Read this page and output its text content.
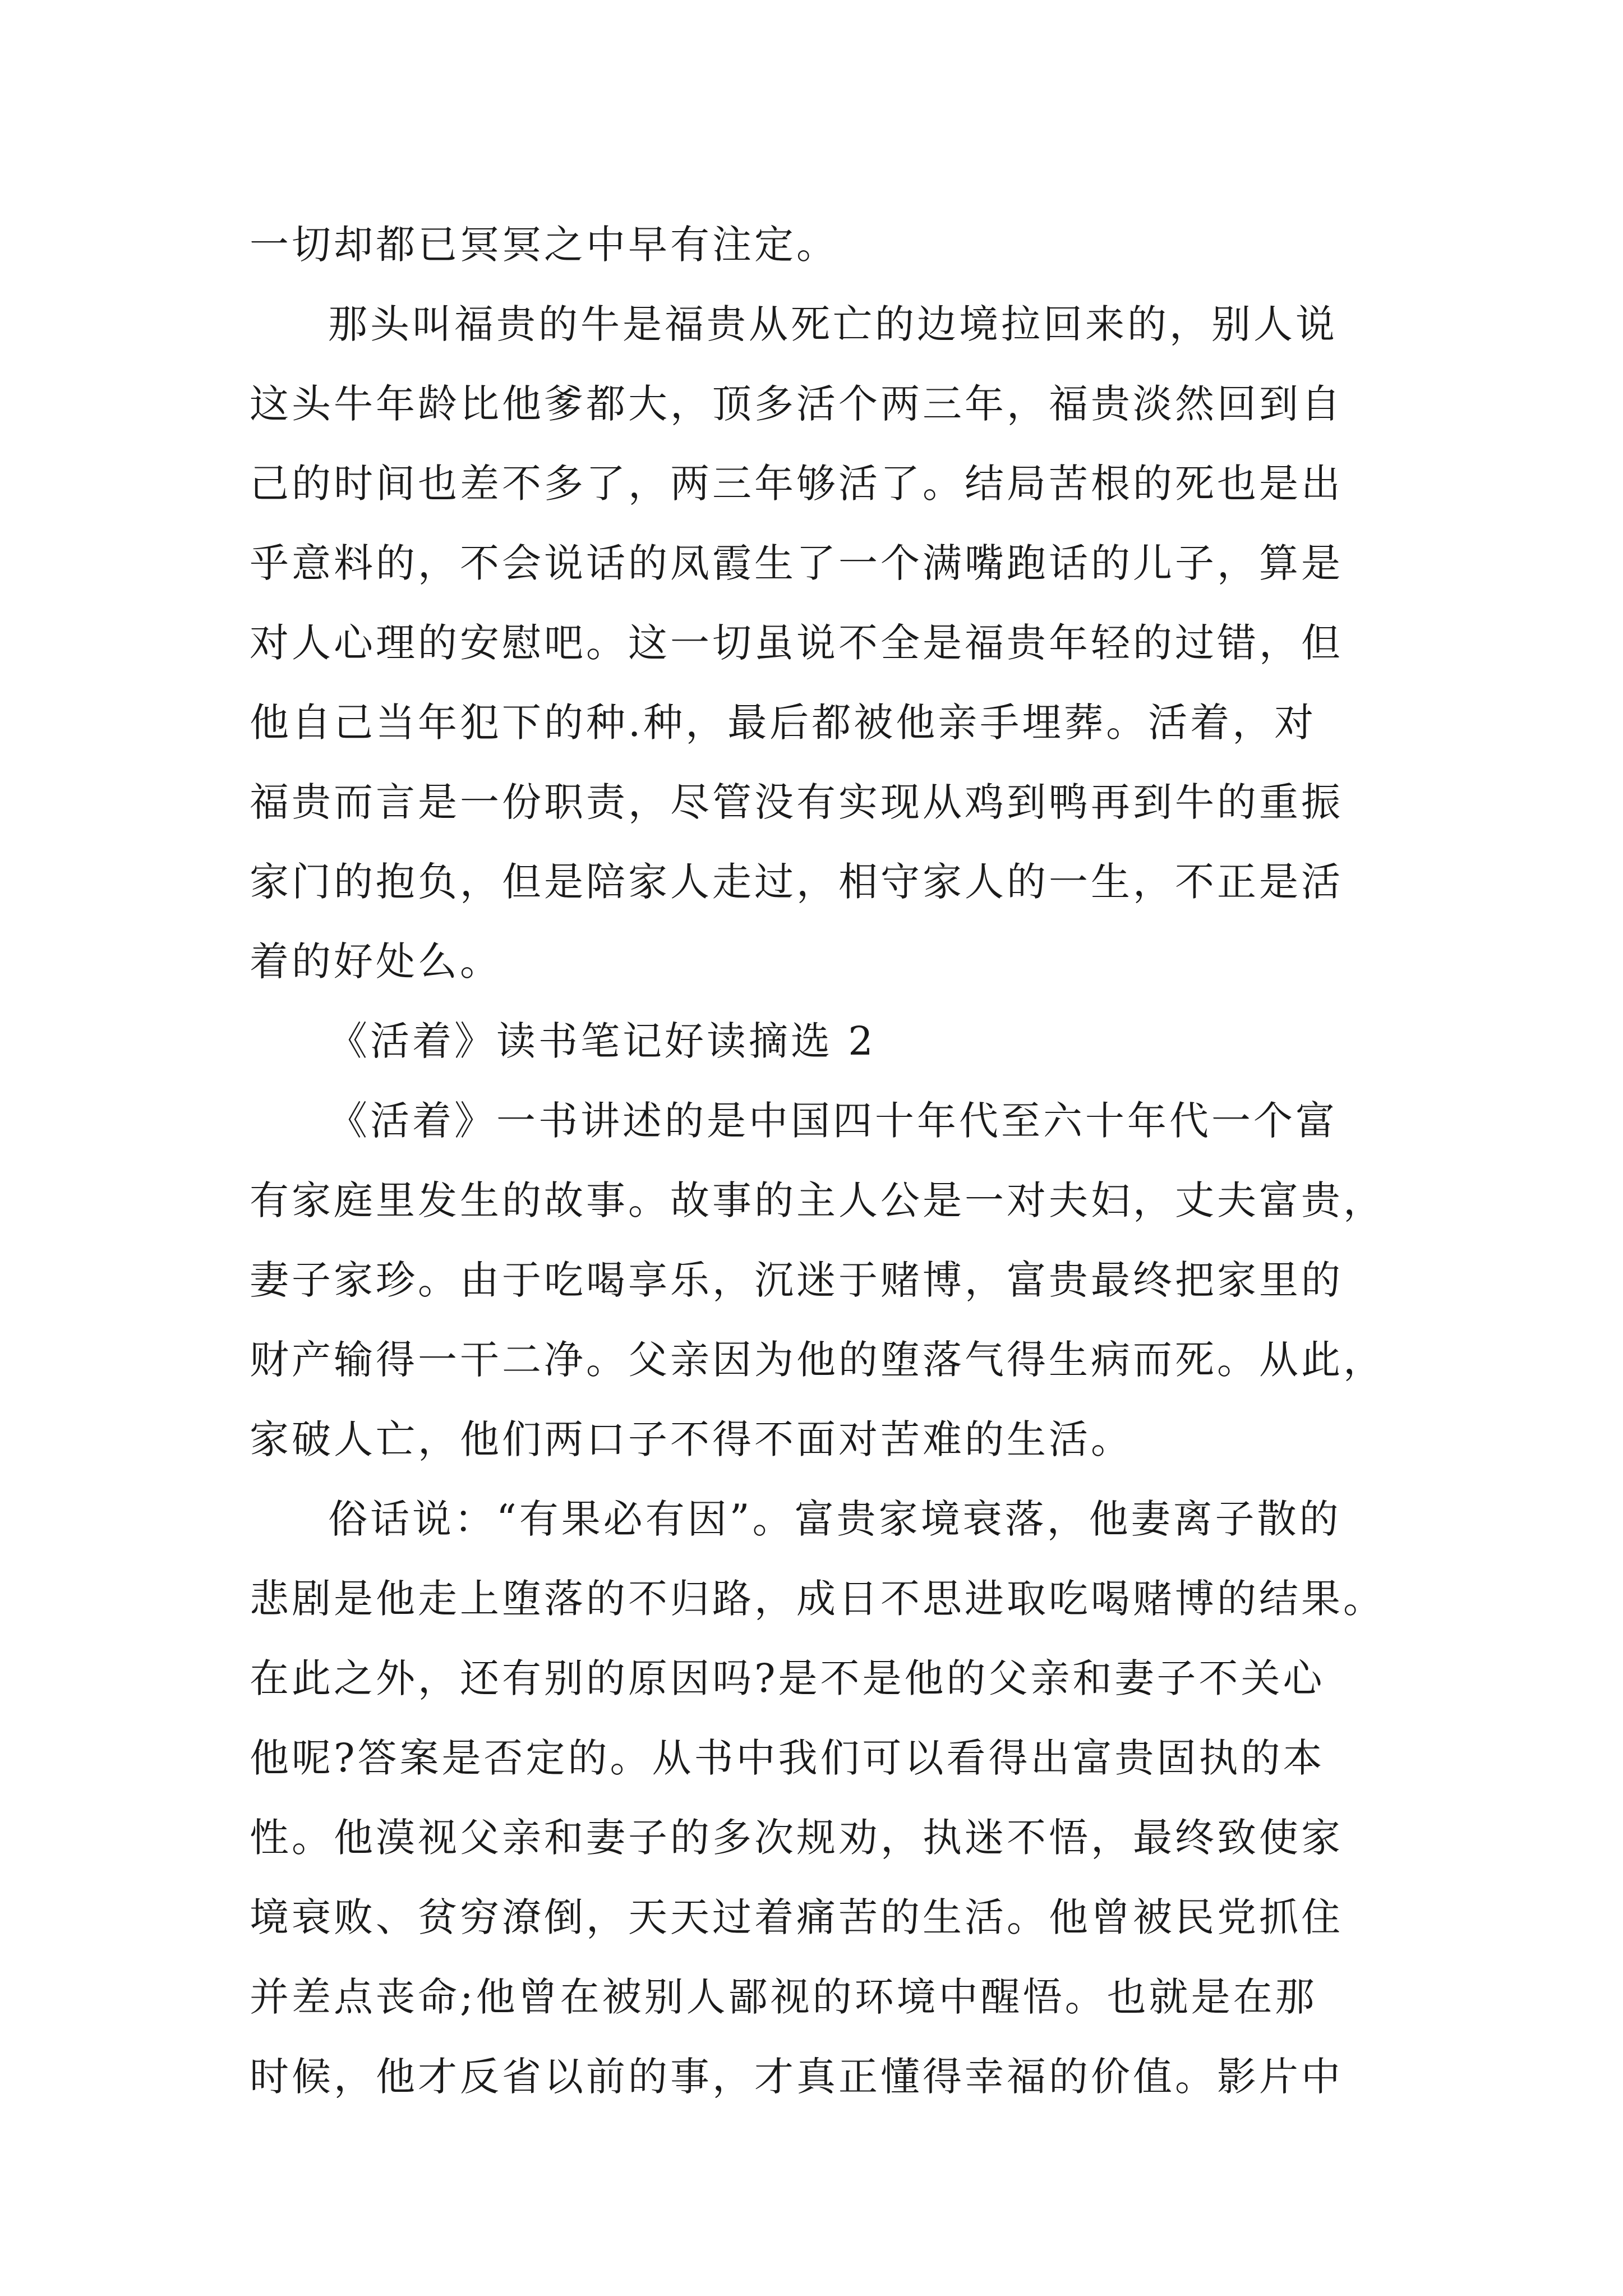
一切却都已冥冥之中早有注定。
那头叫福贵的牛是福贵从死亡的边境拉回来的，别人说
这头牛年龄比他爹都大，顶多活个两三年，福贵淡然回到自
己的时间也差不多了，两三年够活了。结局苦根的死也是出
乎意料的，不会说话的凤霞生了一个满嘴跑话的儿子，算是
对人心理的安慰吧。这一切虽说不全是福贵年轻的过错，但
他自己当年犯下的种.种，最后都被他亲手埋葬。活着，对
福贵而言是一份职责，尽管没有实现从鸡到鸭再到牛的重振
家门的抱负，但是陪家人走过，相守家人的一生，不正是活
着的好处么。
《活着》读书笔记好读摘选 2
《活着》一书讲述的是中国四十年代至六十年代一个富
有家庭里发生的故事。故事的主人公是一对夫妇，丈夫富贵，
妻子家珍。由于吃喝享乐，沉迷于赌博，富贵最终把家里的
财产输得一干二净。父亲因为他的堕落气得生病而死。从此，
家破人亡，他们两口子不得不面对苦难的生活。
俗话说：“有果必有因”。富贵家境衰落，他妻离子散的
悲剧是他走上堕落的不归路，成日不思进取吃喝赌博的结果。
在此之外，还有别的原因吗?是不是他的父亲和妻子不关心
他呢?答案是否定的。从书中我们可以看得出富贵固执的本
性。他漠视父亲和妻子的多次规劝，执迷不悟，最终致使家
境衰败、贫穷潦倒，天天过着痛苦的生活。他曾被民党抓住
并差点丧命;他曾在被别人鄙视的环境中醒悟。也就是在那
时候，他才反省以前的事，才真正懂得幸福的价值。影片中
